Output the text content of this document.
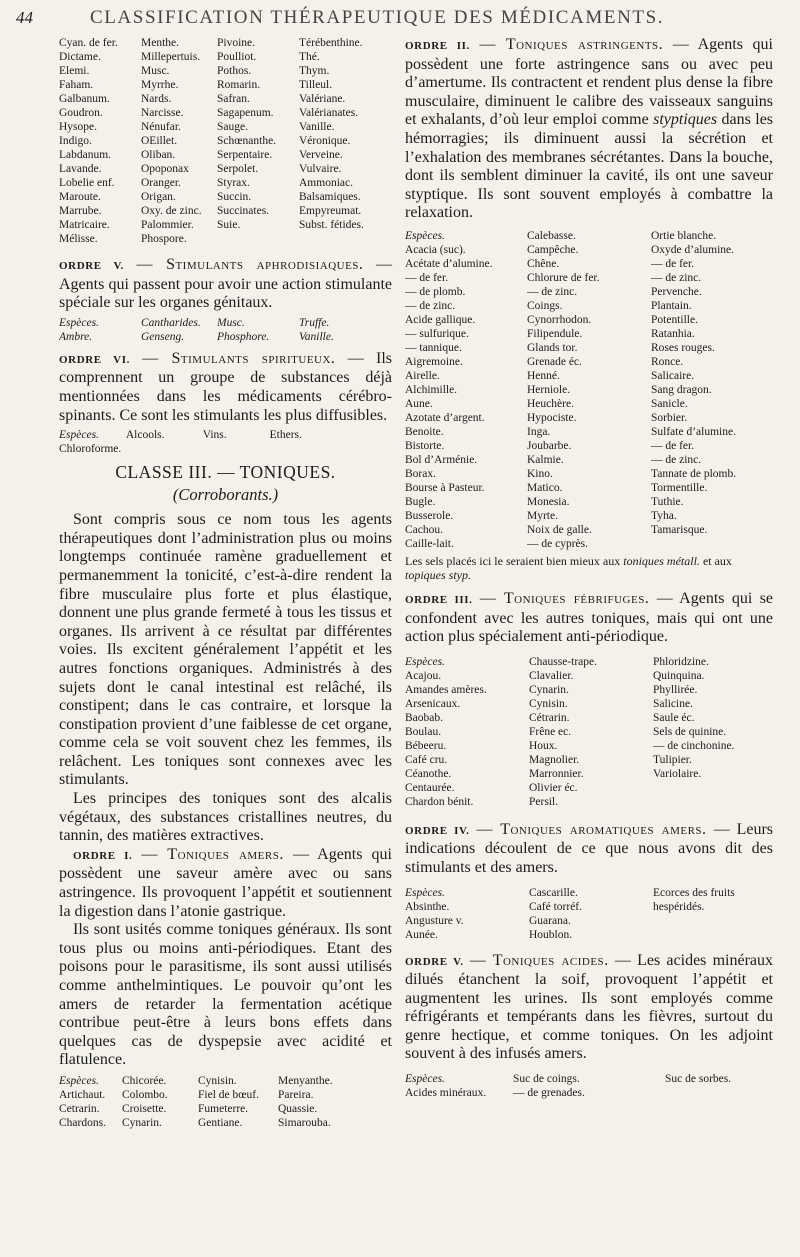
44	CLASSIFICATION THÉRAPEUTIQUE DES MÉDICAMENTS.
Cyan. de fer.	Menthe.	Pivoine.	Térébenthine.
Dictame.	Millepertuis.	Poulliot.	Thé.
Elemi.	Musc.	Pothos.	Thym.
Faham.	Myrrhe.	Romarin.	Tilleul.
Galbanum.	Nards.	Safran.	Valériane.
Goudron.	Narcisse.	Sagapenum.	Valérianates.
Hysope.	Nénufar.	Sauge.	Vanille.
Indigo.	OEillet.	Schœnanthe.	Véronique.
Labdanum.	Oliban.	Serpentaire.	Verveine.
Lavande.	Opoponax	Serpolet.	Vulvaire.
Lobelie enf.	Oranger.	Styrax.	Ammoniac.
Maroute.	Origan.	Succin.	Balsamiques.
Marrube.	Oxy. de zinc.	Succinates.	Empyreumat.
Matricaire.	Palommier.	Suie.	Subst. fétides.
Mélisse.	Phospore.

ORDRE V. — Stimulants aphrodisiaques. — Agents qui passent pour avoir une action stimulante spéciale sur les organes génitaux.

Espèces.	Cantharides.	Musc.	Truffe.
Ambre.	Genseng.	Phosphore.	Vanille.

ORDRE VI. — Stimulants spiritueux. — Ils comprennent un groupe de substances déjà mentionnées dans les médicaments cérébro-spinants. Ce sont les stimulants les plus diffusibles.

Espèces. Alcools.	Vins.	Ethers. Chloroforme.
CLASSE III. — TONIQUES.
(Corroborants.)

Sont compris sous ce nom tous les agents thérapeutiques dont l’administration plus ou moins longtemps continuée ramène graduellement et permanemment la tonicité, c’est-à-dire rendent la fibre musculaire plus forte et plus élastique, donnent une plus grande fermeté à tous les tissus et organes. Ils arrivent à ce résultat par différentes voies. Ils excitent généralement l’appétit et les autres fonctions organiques. Administrés à des sujets dont le canal intestinal est relâché, ils constipent; dans le cas contraire, et lorsque la constipation provient d’une faiblesse de cet organe, comme cela se voit souvent chez les femmes, ils relâchent. Les toniques sont connexes avec les stimulants.

Les principes des toniques sont des alcalis végétaux, des substances cristallines neutres, du tannin, des matières extractives.

ORDRE I. — Toniques amers. — Agents qui possèdent une saveur amère avec ou sans astringence. Ils provoquent l’appétit et soutiennent la digestion dans l’atonie gastrique.

Ils sont usités comme toniques généraux. Ils sont tous plus ou moins anti-périodiques. Etant des poisons pour le parasitisme, ils sont aussi utilisés comme anthelmintiques. Le pouvoir qu’ont les amers de retarder la fermentation acétique contribue peut-être à leurs bons effets dans quelques cas de dyspepsie avec acidité et flatulence.

Espèces.	Chicorée.	Cynisin.	Menyanthe.
Artichaut.	Colombo.	Fiel de bœuf.	Pareira.
Cetrarin.	Croisette.	Fumeterre.	Quassie.
Chardons.	Cynarin.	Gentiane.	Simarouba.

ORDRE II. — Toniques astringents. — Agents qui possèdent une forte astringence sans ou avec peu d’amertume. Ils contractent et rendent plus dense la fibre musculaire, diminuent le calibre des vaisseaux sanguins et exhalants, d’où leur emploi comme styptiques dans les hémorragies; ils diminuent aussi la sécrétion et l’exhalation des membranes sécrétantes. Dans la bouche, dont ils semblent diminuer la cavité, ils ont une saveur styptique. Ils sont souvent employés à combattre la relaxation.

Espèces.	Calebasse.	Ortie blanche.
Acacia (suc).	Campêche.	Oxyde d’alumine.
Acétate d’alumine.	Chêne.	— de fer.
— de fer.	Chlorure de fer.	— de zinc.
— de plomb.	— de zinc.	Pervenche.
— de zinc.	Coings.	Plantain.
Acide gallique.	Cynorrhodon.	Potentille.
— sulfurique.	Filipendule.	Ratanhia.
— tannique.	Glands tor.	Roses rouges.
Aigremoine.	Grenade éc.	Ronce.
Airelle.	Henné.	Salicaire.
Alchimille.	Herniole.	Sang dragon.
Aune.	Heuchère.	Sanicle.
Azotate d’argent.	Hypociste.	Sorbier.
Benoite.	Inga.	Sulfate d’alumine.
Bistorte.	Joubarbe.	— de fer.
Bol d’Arménie.	Kalmie.	— de zinc.
Borax.	Kino.	Tannate de plomb.
Bourse à Pasteur.	Matico.	Tormentille.
Bugle.	Monesia.	Tuthie.
Busserole.	Myrte.	Tyha.
Cachou.	Noix de galle.	Tamarisque.
Caille-lait.	— de cyprès.

Les sels placés ici le seraient bien mieux aux toniques métall. et aux topiques styp.

ORDRE III. — Toniques fébrifuges. — Agents qui se confondent avec les autres toniques, mais qui ont une action plus spécialement anti-périodique.

Espèces.	Chausse-trape.	Phloridzine.
Acajou.	Clavalier.	Quinquina.
Amandes amères.	Cynarin.	Phyllirée.
Arsenicaux.	Cynisin.	Salicine.
Baobab.	Cétrarin.	Saule éc.
Boulau.	Frêne ec.	Sels de quinine.
Bébeeru.	Houx.	— de cinchonine.
Café cru.	Magnolier.	Tulipier.
Céanothe.	Marronnier.	Variolaire.
Centaurée.	Olivier éc.
Chardon bénit.	Persil.

ORDRE IV. — Toniques aromatiques amers. — Leurs indications découlent de ce que nous avons dit des stimulants et des amers.

Espèces.	Cascarille.	Ecorces des fruits
Absinthe.	Café torréf.	hespéridés.
Angusture v.	Guarana.
Aunée.	Houblon.

ORDRE V. — Toniques acides. — Les acides minéraux dilués étanchent la soif, provoquent l’appétit et augmentent les urines. Ils sont employés comme réfrigérants et tempérants dans les fièvres, surtout du genre hectique, et comme toniques. On les adjoint souvent à des infusés amers.

Espèces.	Suc de coings.	Suc de sorbes.
Acides minéraux.	— de grenades.
